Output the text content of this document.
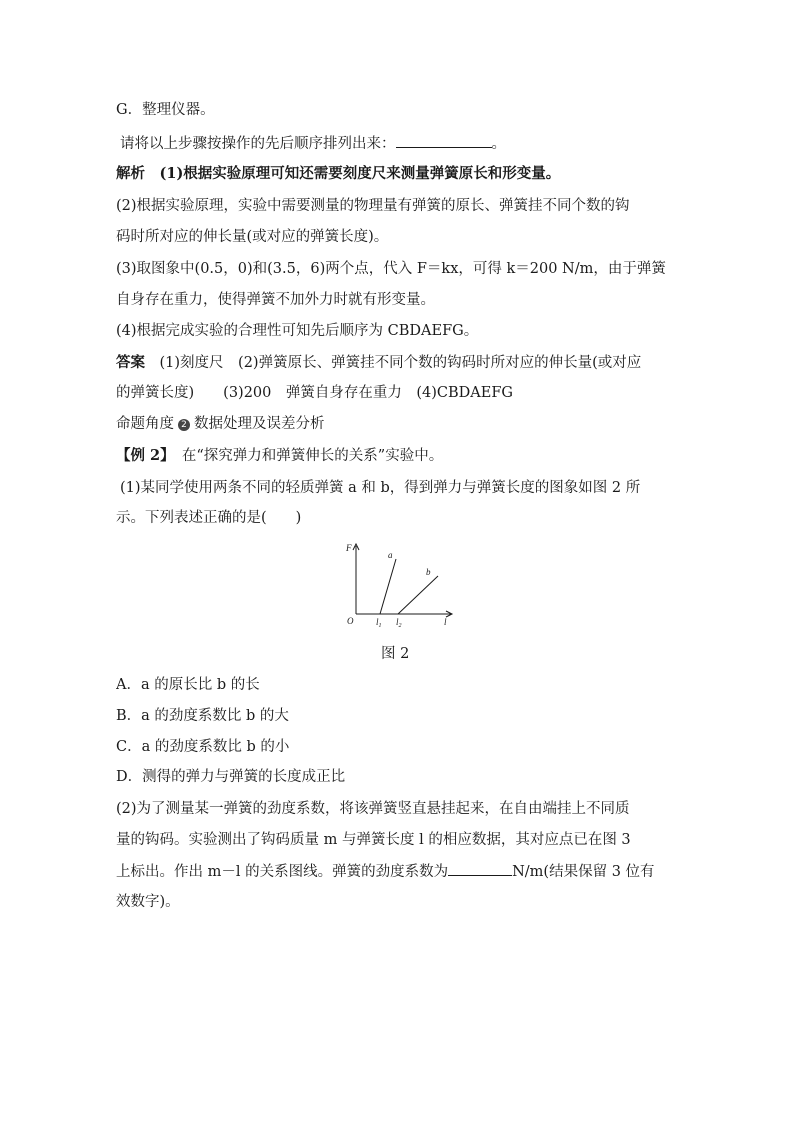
G．整理仪器。
请将以上步骤按操作的先后顺序排列出来：	。
解析　 (1)根据实验原理可知还需要刻度尺来测量弹簧原长和形变量。
(2)根据实验原理，实验中需要测量的物理量有弹簧的原长、弹簧挂不同个数的钩
码时所对应的伸长量(或对应的弹簧长度)。
(3)取图象中(0.5，0)和(3.5，6)两个点，代入 F＝kx，可得 k＝200 N/m，由于弹簧
自身存在重力，使得弹簧不加外力时就有形变量。
(4)根据完成实验的合理性可知先后顺序为 CBDAEFG。
答案　 (1)刻度尺　(2)弹簧原长、弹簧挂不同个数的钩码时所对应的伸长量(或对应
的弹簧长度)　　(3)200　弹簧自身存在重力　(4)CBDAEFG
命题角度 2 数据处理及误差分析
【例 2】　 在“探究弹力和弹簧伸长的关系”实验中。
(1)某同学使用两条不同的轻质弹簧 a 和 b，得到弹力与弹簧长度的图象如图 2 所
示。下列表述正确的是(　　)
F
O	l
a
b
$l_1$ $l_2$
图 2
A．a 的原长比 b 的长
B．a 的劲度系数比 b 的大
C．a 的劲度系数比 b 的小
D．测得的弹力与弹簧的长度成正比
(2)为了测量某一弹簧的劲度系数，将该弹簧竖直悬挂起来，在自由端挂上不同质
量的钩码。实验测出了钩码质量 m 与弹簧长度 l 的相应数据，其对应点已在图 3
上标出。作出 m－l 的关系图线。弹簧的劲度系数为	N/m(结果保留 3 位有
效数字)。
